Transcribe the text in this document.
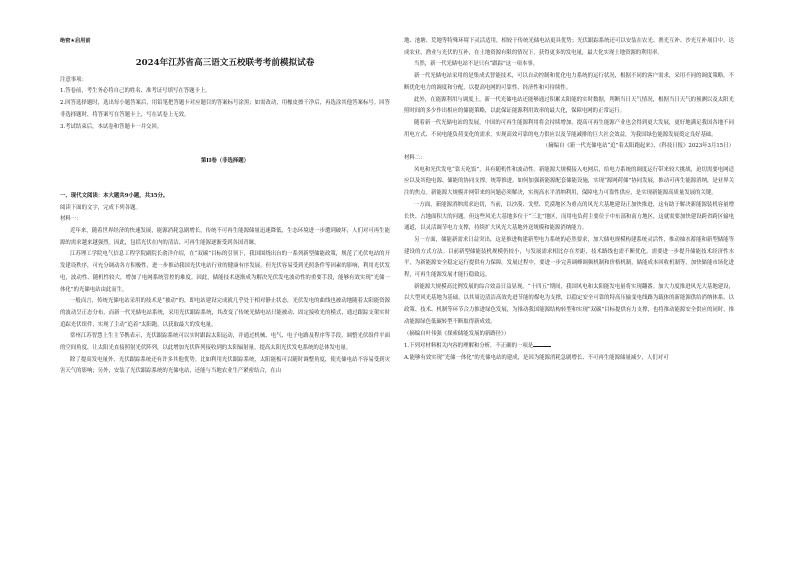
绝密★启用前

2024年江苏省高三语文五校联考考前模拟试卷

注意事项：

1.答卷前，考生务必将自己的姓名、准考证号填写在答题卡上。

2.回答选择题时，选出每小题答案后，用铅笔把答题卡对应题目的答案标号涂黑；如需改动，用橡皮擦干净后，再选涂其他答案标号。回答非选择题时，将答案写在答题卡上，写在试卷上无效。

3.考试结束后，本试卷和答题卡一并交回。

第II卷（非选择题）

一、现代文阅读：本大题共9小题，共35分。

阅读下面的文字，完成下列各题。

材料一：

近年来，随着世界经济的快速发展，能源消耗急剧增长，传统不可再生能源储量迅速降低，生态环境进一步遭到破坏，人们对可再生能源的需求越来越强烈。因此，包括光伏在内的清洁、可再生能源逐渐受到各国青睐。

江苏理工学院电气信息工程学院副院长俞洋介绍，在“双碳”目标的引领下，我国围绕出台的一系列新型储能政策，规范了光伏电站的开发建设秩序，可充分调动各方积极性，进一步推动我国光伏电站行业的健康有序发展。但光伏容易受到光照条件等因素的影响，利用光伏发电，波动性、随机性较大，增加了电网系统管控的难度。因此，储能技术逐渐成为解决光伏发电波动性的重要手段，能够有效实现“光储一体化”的光储电站由此而生。

一般而言，传统光储电站采用的技术是“被动”的，即电站建设完成就几乎处于相对静止状态，光伏发电的曲线也被动地随着太阳能资源的波动呈正态分布，而新一代光储电站系统，采用光伏跟踪系统，其改变了传统光储电站只能被动、固定接收光的模式，通过跟踪支架实时追踪光伏组件，实现了主动“追着”太阳跑，以获取最大的发电量。

常州江苏智慧上生主节携表示，光伏跟踪系统可以实时跟踪太阳运动，并通过机械、电气、电子电路及程序等手段，调整光伏组件平面的空间角度，让太阳光直接照射光伏阵列，以此增加光伏阵列接收到的太阳辐射量，提高太阳光伏发电系统的总体发电量。

除了提高发电量外，光伏跟踪系统还有许多其他优势。比如利用光伏跟踪系统，太阳能板可以随时调整角度，使光储电站不容易受到灾害天气的影响；另外，安装了光伏跟踪系统的光储电站，还能与当地农业生产紧密结合，在山

地、池塘、荒地等特殊环境下灵活适用，相较于传统光储电站更具优势；光伏跟踪系统还可以安装在农光、渔光互补、沙光互补项目中，达成农业、渔业与光伏的互补，在土地资源有限的情况下，获得更多的发电量，最大化实现土地资源的利用率。

当然，新一代光储电站不是只有“跟踪”这一项本事。

新一代光储电站采用的是集成式智能技术，可以自动控制和优化电力系统的运行状况，根据不同的客户需求，采用不同的调度策略，不断优化电力的调度和分配，以提高电网的可靠性、经济性和可持续性。

此外，在能源利用与调度上，新一代光储电站还能够通过积累太阳能的实时数据，判断当日天气情况，根据当日天气的预测以及太阳光照时间的多少作出相应的储能策略，以此保证能源利用效率的最大化，保障电网的正常运行。

随着新一代光储电站的发展，中国的可再生能源利用将会持续增加，提高可再生能源产业也会得到更大发展，更好地满足我国各地不同用电方式、不同电能负荷变化的需求，实现高效可靠的电力供应以及节能减排的巨大社会效益，为我国绿色能源发展奠定良好基础。

（摘编自《新一代光储电站“追”着太阳跑起来》，《科技日报》2023年3月15日）

材料二：

风电和光伏发电“靠天吃饭”，具有随机性和波动性。新能源大规模接入电网后，给电力系统的调度运行带来较大挑战，迫切需要电网适应以及其他电源、储能的协同支撑，统筹推进。如何加强新能源配套储能设施，实现“源网荷储”协同发展，推动可再生能源消纳，是业界关注的焦点。新能源大规模并网带来的问题必须解决，实现高水平消纳利用，保障电力可靠性供应，是实现新能源高质量发展的关键。

一方面，新能源消纳需求迫切，当前，以沙漠、戈壁、荒漠地区为重点的风光大基地建设正加快推进，这有助于解决新能源装机容量增长快、占地面积大的问题。但这些风光大基地多位于“三北”地区，而用电负荷主要位于中东部和南方地区，这就需要加快建设跨省跨区输电通道，以灵活调节电力支撑，持续扩大风光大基地外送规模和能源消纳能力。

另一方面，储能新需求日益突出，这是推进构建新型电力系统的必然要求，加大储电规模构建系统灵活性，推动抽水蓄能和新型储能等建设的方式方法。目前新型储能装机规模仍较小，与发展需求相比存在差距，技术路线也需不断优化，需要进一步提升储能技术经济性水平，为新能源安全稳定运行提供有力保障。发展过程中，要进一步完善调峰调频机制和价格机制，储能成本回收机制等，加快储能市场化进程，可再生能源发展才能行稳致远。

新能源大规模高比例发展的综合效益日益显现。“十四五”期间，我国风电和太阳能发电量将实现翻番。加大力度推进风光大基地建设，以大型风光基地为基础，以其周边清洁高效先进节能的煤电为支撑，以稳定安全可靠的特高压输变电线路为载体的新能源供给消纳体系，以政策、技术、机制等环节合力推进绿色发展，为推动我国能源结构转型和实现“双碳”目标提供有力支撑，也将推动能源安全供应的同时，推动能源绿色低碳转型不断取得新成效。

（摘编自叶伟强《探索储能发展的新路径》）

1.下列对材料相关内容的理解和分析，不正确的一项是

A.能够有效实现“光储一体化”的光储电站的建成，是因为能源消耗急剧增长、不可再生能源储量减少，人们对可
